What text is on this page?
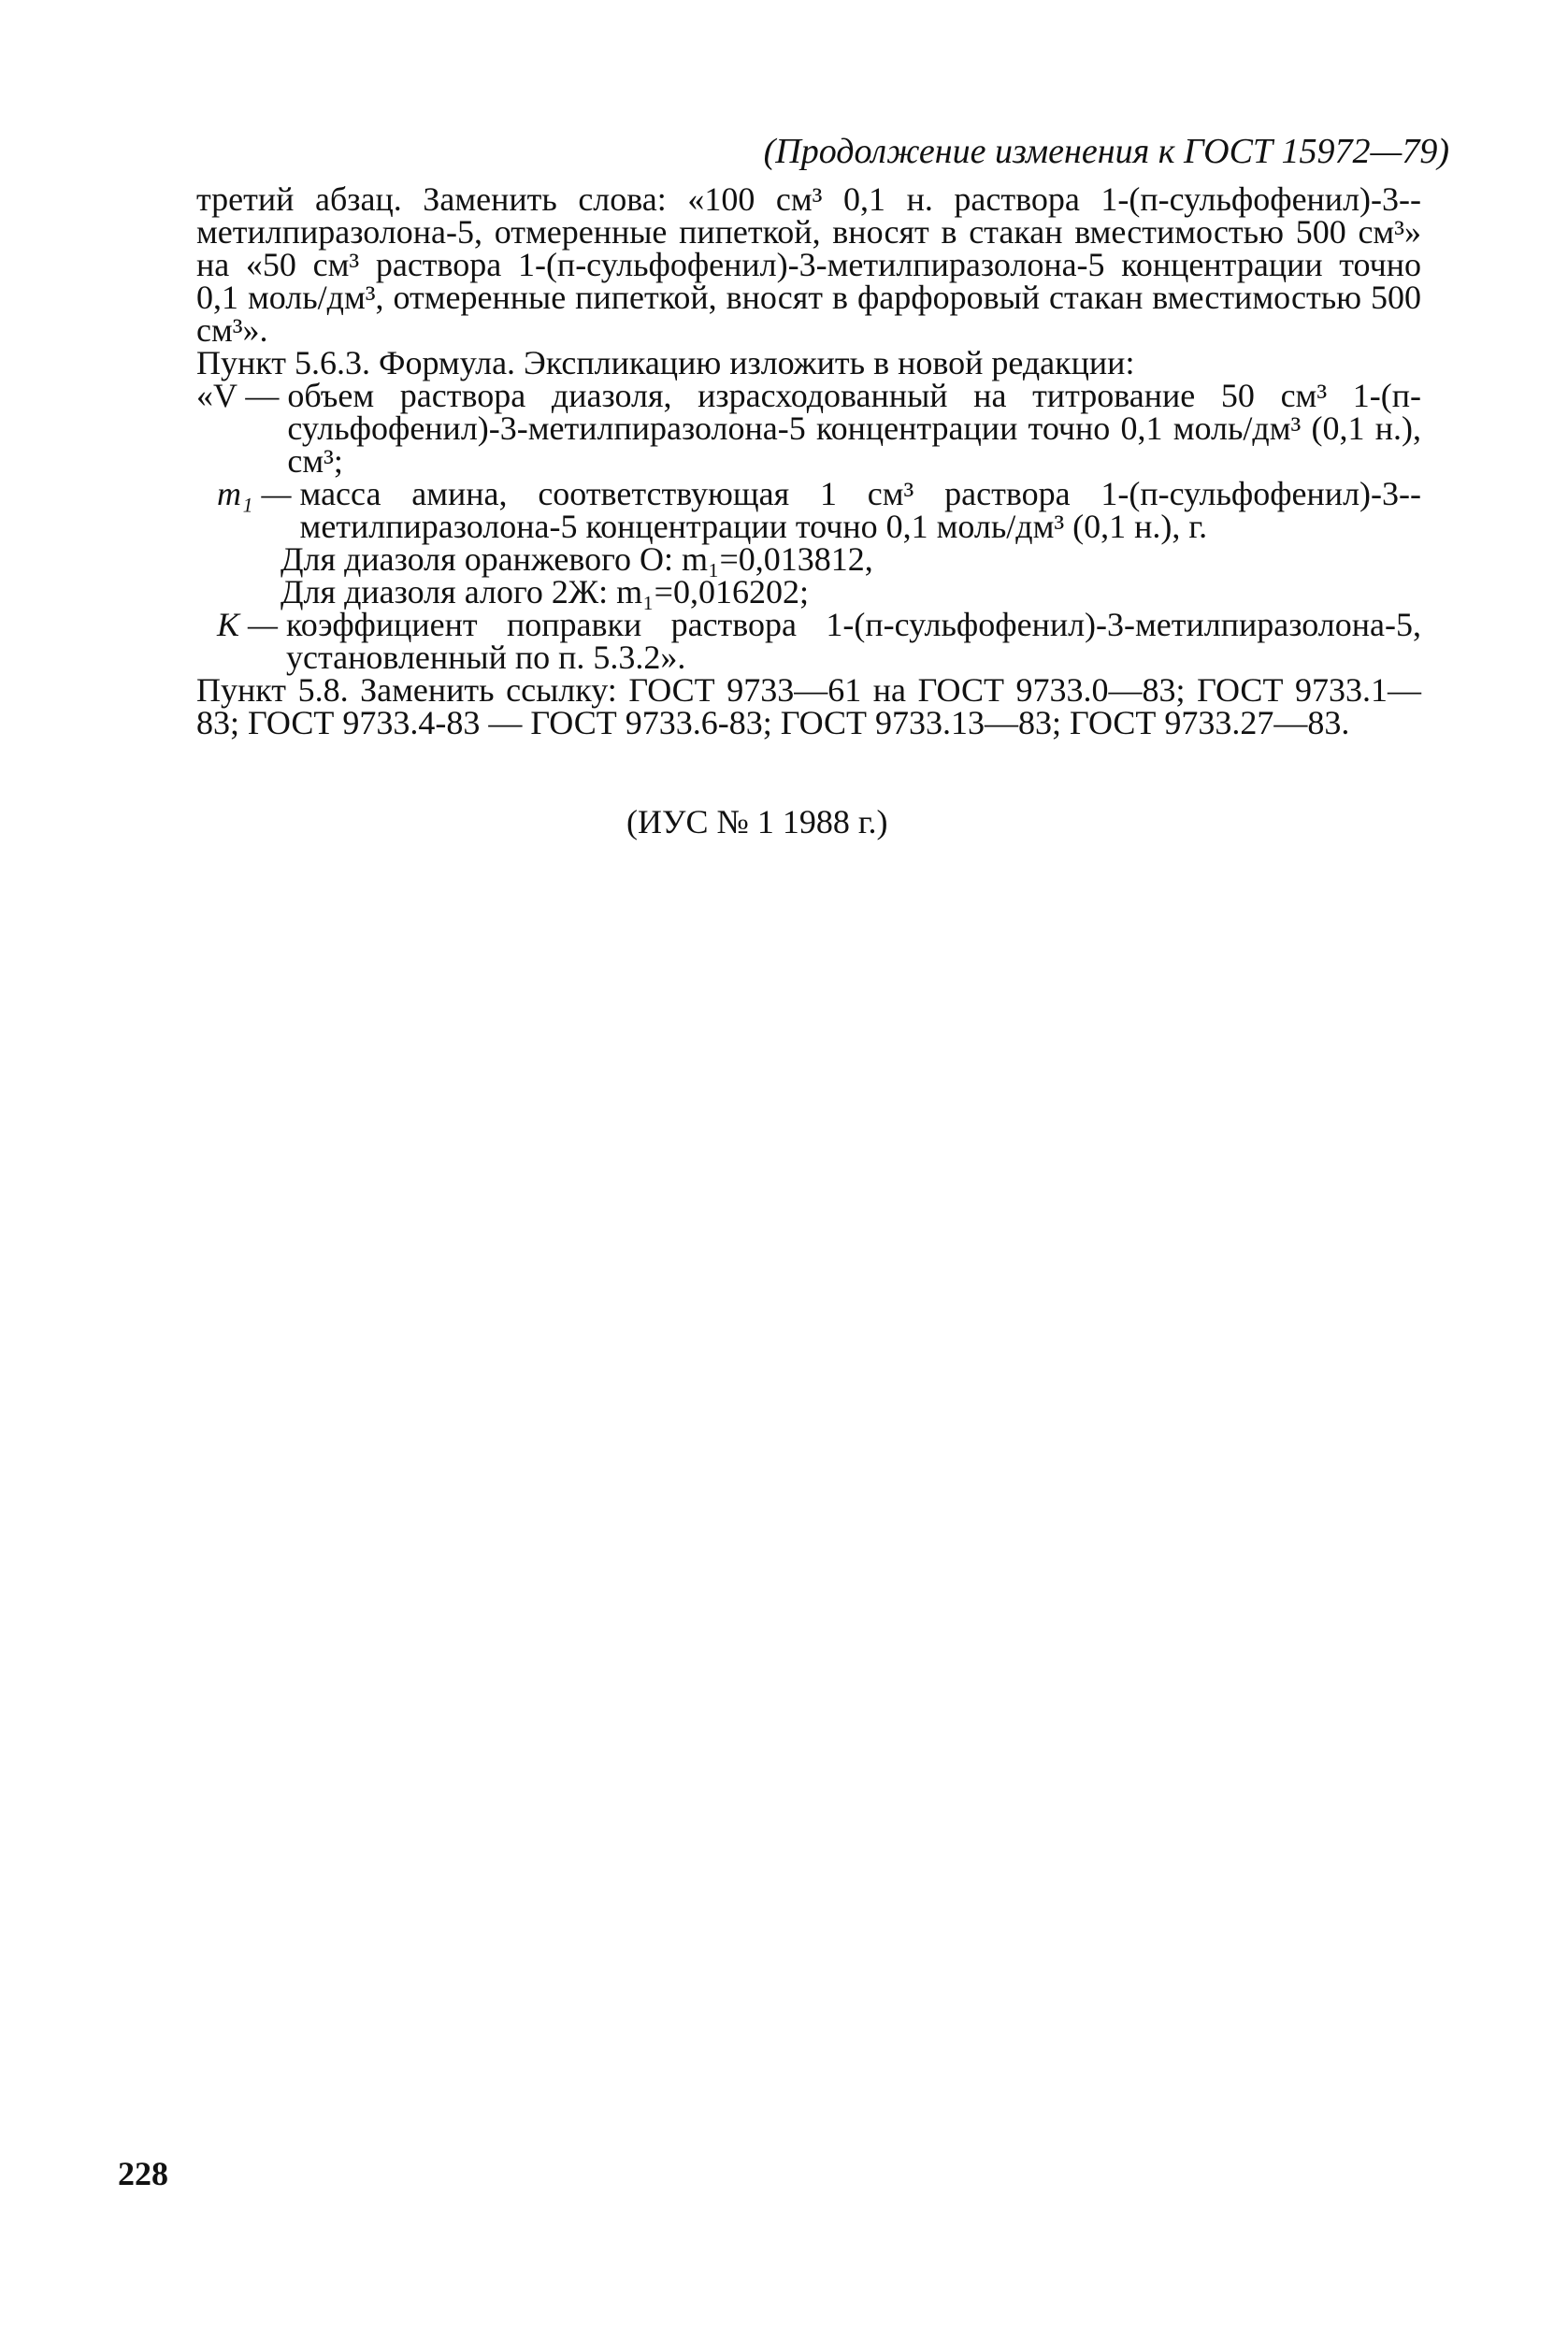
(Продолжение изменения к ГОСТ 15972—79)

третий абзац. Заменить слова: «100 см³ 0,1 н. раствора 1-(п-сульфофенил)-3--метилпиразолона-5, отмеренные пипеткой, вносят в стакан вместимостью 500 см³» на «50 см³ раствора 1-(п-сульфофенил)-3-метилпиразолона-5 концентрации точно 0,1 моль/дм³, отмеренные пипеткой, вносят в фарфоровый стакан вместимостью 500 см³».

Пункт 5.6.3. Формула. Экспликацию изложить в новой редакции:

«V — объем раствора диазоля, израсходованный на титрование 50 см³ 1-(п-сульфофенил)-3-метилпиразолона-5 концентрации точно 0,1 моль/дм³ (0,1 н.), см³;
m₁ — масса амина, соответствующая 1 см³ раствора 1-(п-сульфофенил)-3--метилпиразолона-5 концентрации точно 0,1 моль/дм³ (0,1 н.), г.

Для диазоля оранжевого О: m₁=0,013812,

Для диазоля алого 2Ж: m₁=0,016202;

K — коэффициент поправки раствора 1-(п-сульфофенил)-3-метилпиразолона-5, установленный по п. 5.3.2».

Пункт 5.8. Заменить ссылку: ГОСТ 9733—61 на ГОСТ 9733.0—83; ГОСТ 9733.1—83; ГОСТ 9733.4-83 — ГОСТ 9733.6-83; ГОСТ 9733.13—83; ГОСТ 9733.27—83.

(ИУС № 1 1988 г.)
228
